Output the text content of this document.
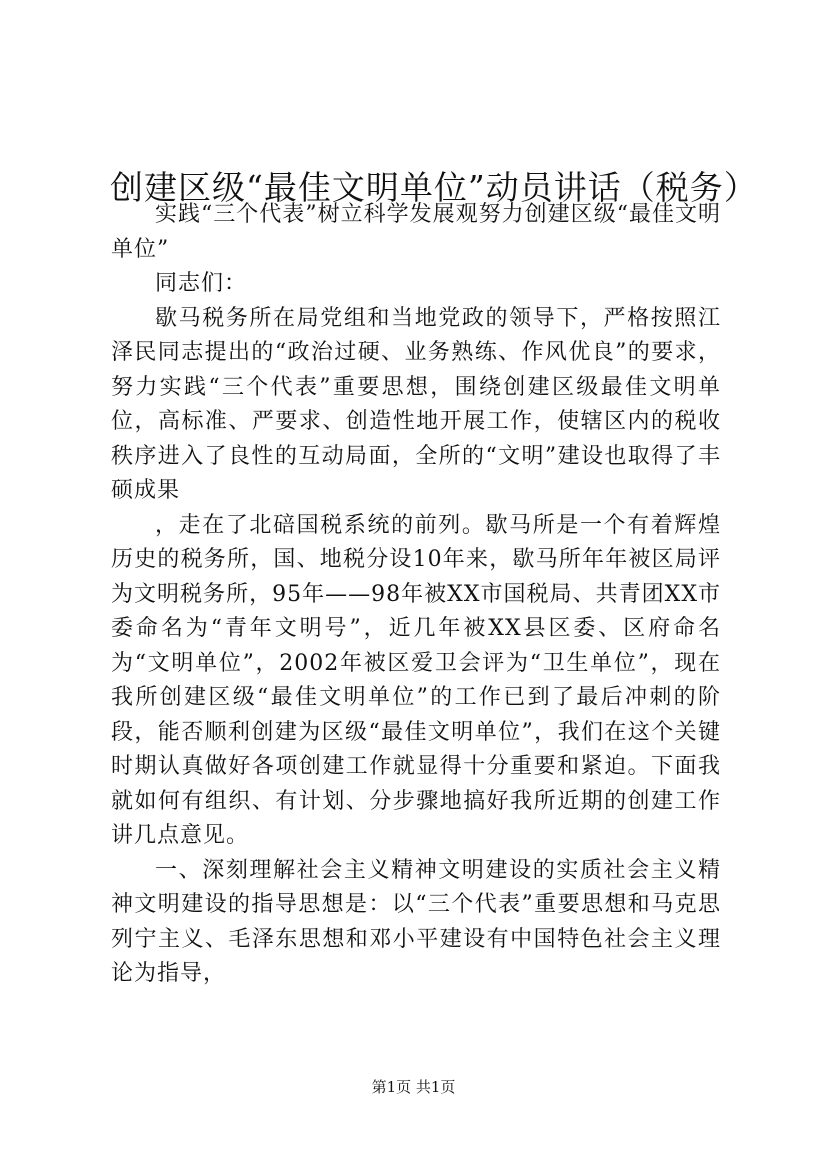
创建区级“最佳文明单位”动员讲话（税务）

实践“三个代表”树立科学发展观努力创建区级“最佳文明单位”

同志们：

歇马税务所在局党组和当地党政的领导下，严格按照江泽民同志提出的“政治过硬、业务熟练、作风优良”的要求，努力实践“三个代表”重要思想，围绕创建区级最佳文明单位，高标准、严要求、创造性地开展工作，使辖区内的税收秩序进入了良性的互动局面，全所的“文明”建设也取得了丰硕成果

，走在了北碚国税系统的前列。歇马所是一个有着辉煌历史的税务所，国、地税分设10年来，歇马所年年被区局评为文明税务所，95年——98年被XX市国税局、共青团XX市委命名为“青年文明号”，近几年被XX县区委、区府命名为“文明单位”，2002年被区爱卫会评为“卫生单位”，现在我所创建区级“最佳文明单位”的工作已到了最后冲刺的阶段，能否顺利创建为区级“最佳文明单位”，我们在这个关键时期认真做好各项创建工作就显得十分重要和紧迫。下面我就如何有组织、有计划、分步骤地搞好我所近期的创建工作讲几点意见。

一、深刻理解社会主义精神文明建设的实质社会主义精神文明建设的指导思想是：以“三个代表”重要思想和马克思列宁主义、毛泽东思想和邓小平建设有中国特色社会主义理论为指导，

第1页 共1页
